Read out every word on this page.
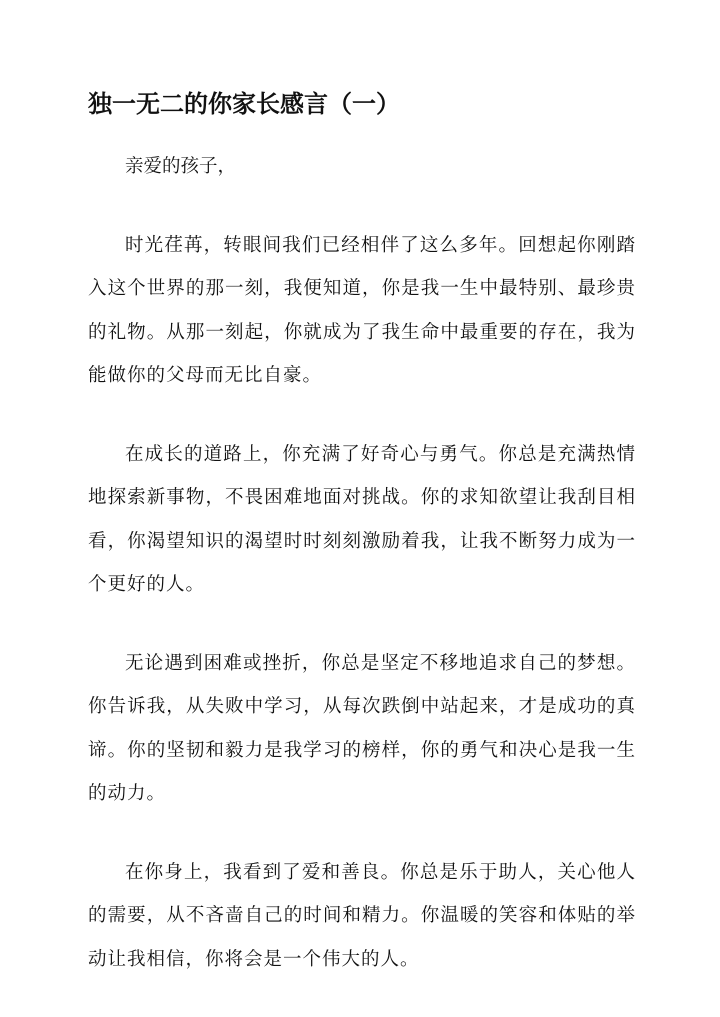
独一无二的你家长感言（一）

亲爱的孩子，

时光荏苒，转眼间我们已经相伴了这么多年。回想起你刚踏入这个世界的那一刻，我便知道，你是我一生中最特别、最珍贵的礼物。从那一刻起，你就成为了我生命中最重要的存在，我为能做你的父母而无比自豪。

在成长的道路上，你充满了好奇心与勇气。你总是充满热情地探索新事物，不畏困难地面对挑战。你的求知欲望让我刮目相看，你渴望知识的渴望时时刻刻激励着我，让我不断努力成为一个更好的人。

无论遇到困难或挫折，你总是坚定不移地追求自己的梦想。你告诉我，从失败中学习，从每次跌倒中站起来，才是成功的真谛。你的坚韧和毅力是我学习的榜样，你的勇气和决心是我一生的动力。

在你身上，我看到了爱和善良。你总是乐于助人，关心他人的需要，从不吝啬自己的时间和精力。你温暖的笑容和体贴的举动让我相信，你将会是一个伟大的人。
